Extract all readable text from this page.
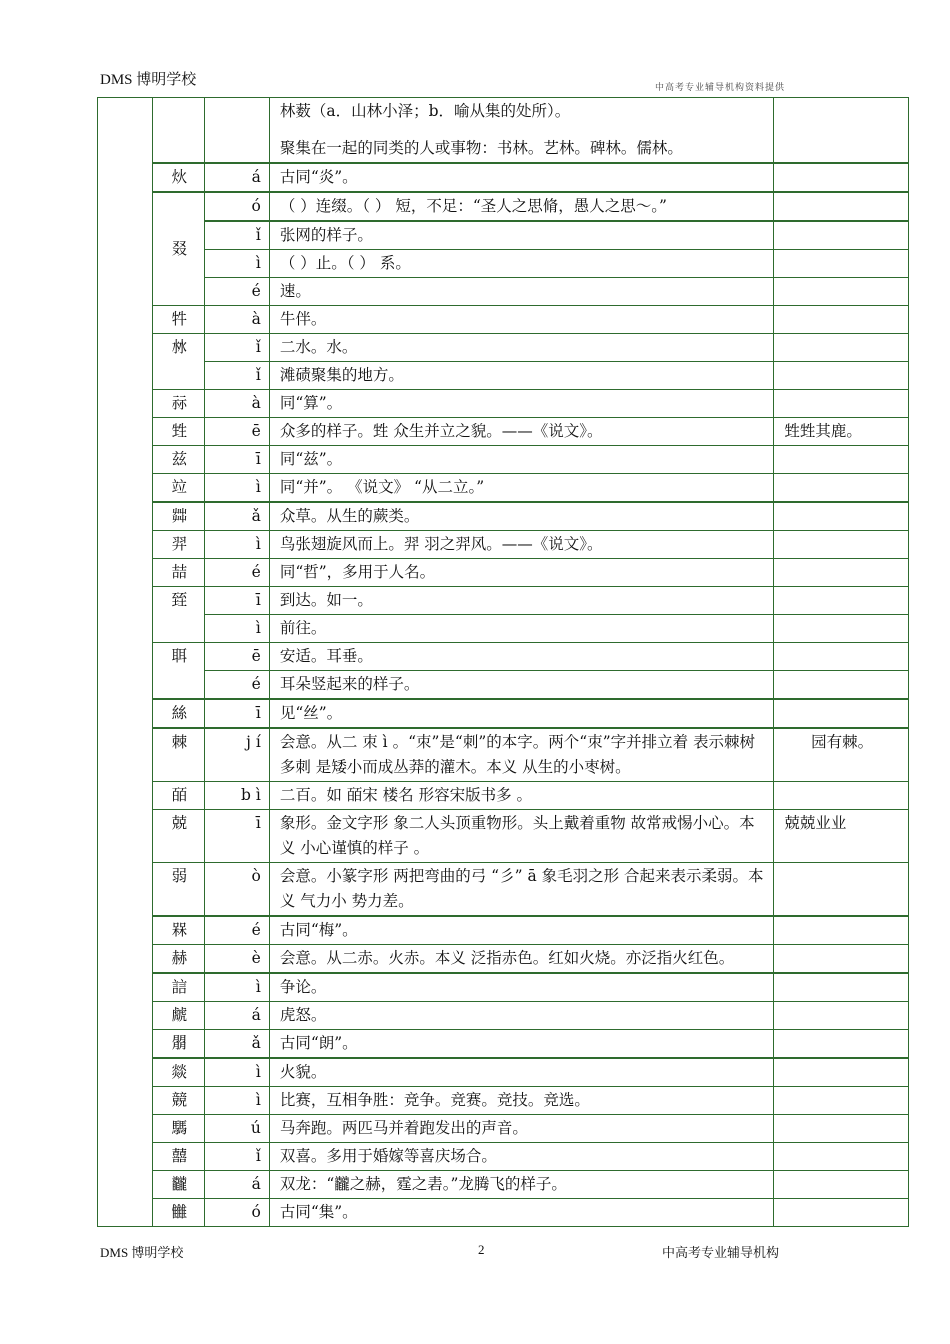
DMS 博明学校	中高考专业辅导机构资料提供
			林薮（a．山林小泽；b．喻从集的处所）。
聚集在一起的同类的人或事物：书林。艺林。碑林。儒林。	
	炏	á	古同“炎”。	
	叕	ó	（ ）连缀。（ ） 短，不足：“圣人之思脩，愚人之思～。”	
		ǐ	张网的样子。	
		ì	（ ）止。（ ） 系。	
		é	速。	
	牪	à	牛伴。	
	沝	ǐ	二水。水。	
		ǐ	滩碛聚集的地方。	
	祘	à	同“算”。	
	甡	ē	众多的样子。甡 众生并立之貌。——《说文》。	甡甡其鹿。
	兹	ī	同“兹”。	
	竝	ì	同“并”。 《说文》 “从二立。”	
	茻	ǎ	众草。从生的蕨类。	
	羿	ì	鸟张翅旋风而上。羿 羽之羿风。——《说文》。	
	喆	é	同“哲”，多用于人名。	
	臸	ī	到达。如一。	
		ì	前往。	
	聑	ē	安适。耳垂。	
		é	耳朵竖起来的样子。	
	絲	ī	见“丝”。	
	棘	j í	会意。从二 朿 ì 。“朿”是“刺”的本字。两个“朿”字并排立着 表示棘树多刺 是矮小而成丛莽的灌木。本义 从生的小枣树。	园有棘。
	皕	b ì	二百。如 皕宋 楼名 形容宋版书多 。	
	兢	ī	象形。金文字形 象二人头顶重物形。头上戴着重物 故常戒惕小心。本义 小心谨慎的样子 。	兢兢业业
	弱	ò	会意。小篆字形 两把弯曲的弓 “彡” ā 象毛羽之形 合起来表示柔弱。本义 气力小 势力差。	
	槑	é	古同“梅”。	
	赫	è	会意。从二赤。火赤。本义 泛指赤色。红如火烧。亦泛指火红色。	
	誩	ì	争论。	
	虤	á	虎怒。	
	朤	ǎ	古同“朗”。	
	燚	ì	火貌。	
	競	ì	比赛，互相争胜：竞争。竞赛。竞技。竞选。	
	騳	ú	马奔跑。两匹马并着跑发出的声音。	
	囍	ǐ	双喜。多用于婚嫁等喜庆场合。	
	龖	á	双龙：“龖之赫，霆之砉。”龙腾飞的样子。	
	雦	ó	古同“集”。	
DMS 博明学校	2	中高考专业辅导机构
